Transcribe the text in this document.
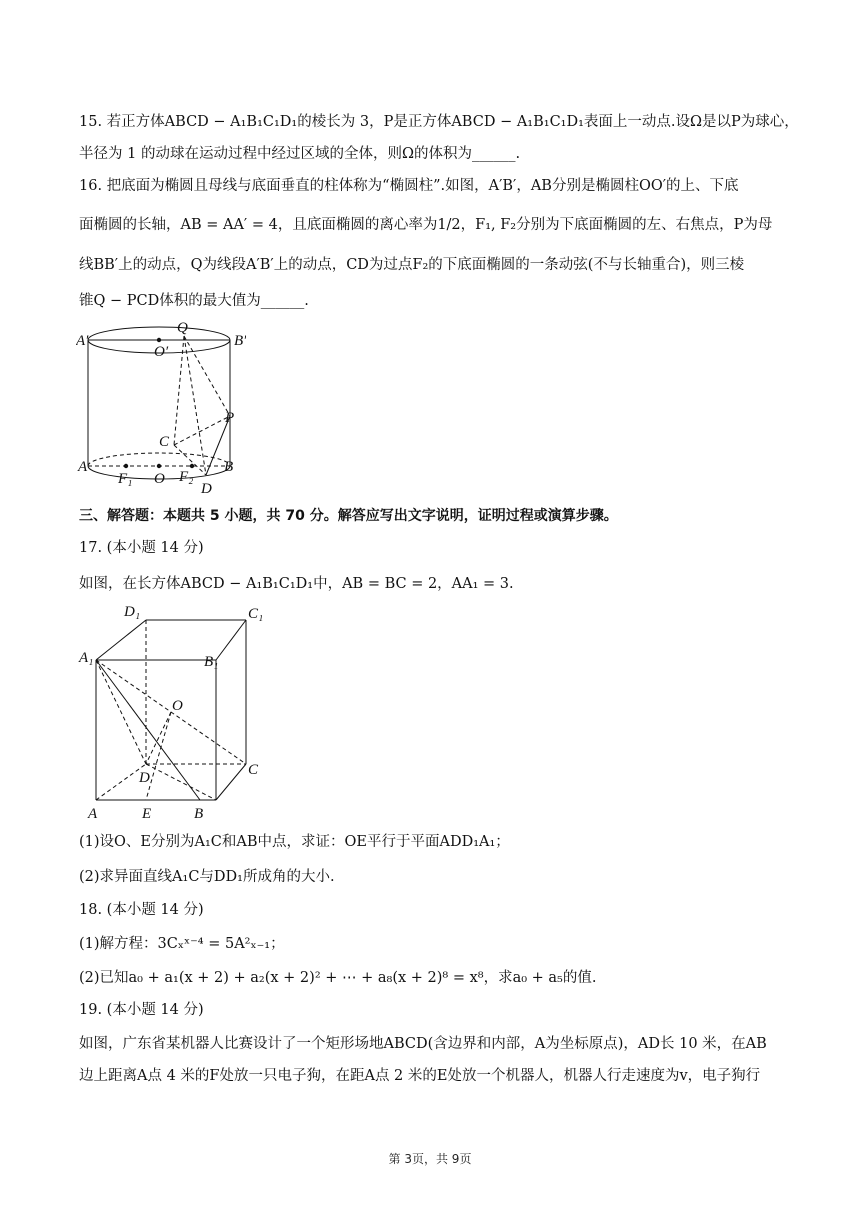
15. 若正方体ABCD − A₁B₁C₁D₁的棱长为 3，P是正方体ABCD − A₁B₁C₁D₁表面上一动点.设Ω是以P为球心，
半径为 1 的动球在运动过程中经过区域的全体，则Ω的体积为______.
16. 把底面为椭圆且母线与底面垂直的柱体称为“椭圆柱”.如图，A′B′，AB分别是椭圆柱OO′的上、下底
面椭圆的长轴，AB = AA′ = 4，且底面椭圆的离心率为1/2，F₁, F₂分别为下底面椭圆的左、右焦点，P为母
线BB′上的动点，Q为线段A′B′上的动点，CD为过点F₂的下底面椭圆的一条动弦(不与长轴重合)，则三棱
锥Q − PCD体积的最大值为______.
A′	B′
Q
O′
P
C
A
F₁ O F₂
B
D
三、解答题：本题共 5 小题，共 70 分。解答应写出文字说明，证明过程或演算步骤。
17. (本小题 14 分)
如图，在长方体ABCD − A₁B₁C₁D₁中，AB = BC = 2，AA₁ = 3.
D₁	C₁
A₁	B₁
O
D	C
A	E	B
(1)设O、E分别为A₁C和AB中点，求证：OE平行于平面ADD₁A₁；
(2)求异面直线A₁C与DD₁所成角的大小.
18. (本小题 14 分)
(1)解方程：3Cₓˣ⁻⁴ = 5A²ₓ₋₁；
(2)已知a₀ + a₁(x + 2) + a₂(x + 2)² + ⋯ + a₈(x + 2)⁸ = x⁸，求a₀ + a₅的值.
19. (本小题 14 分)
如图，广东省某机器人比赛设计了一个矩形场地ABCD(含边界和内部，A为坐标原点)，AD长 10 米，在AB
边上距离A点 4 米的F处放一只电子狗，在距A点 2 米的E处放一个机器人，机器人行走速度为v，电子狗行
第 3页，共 9页
